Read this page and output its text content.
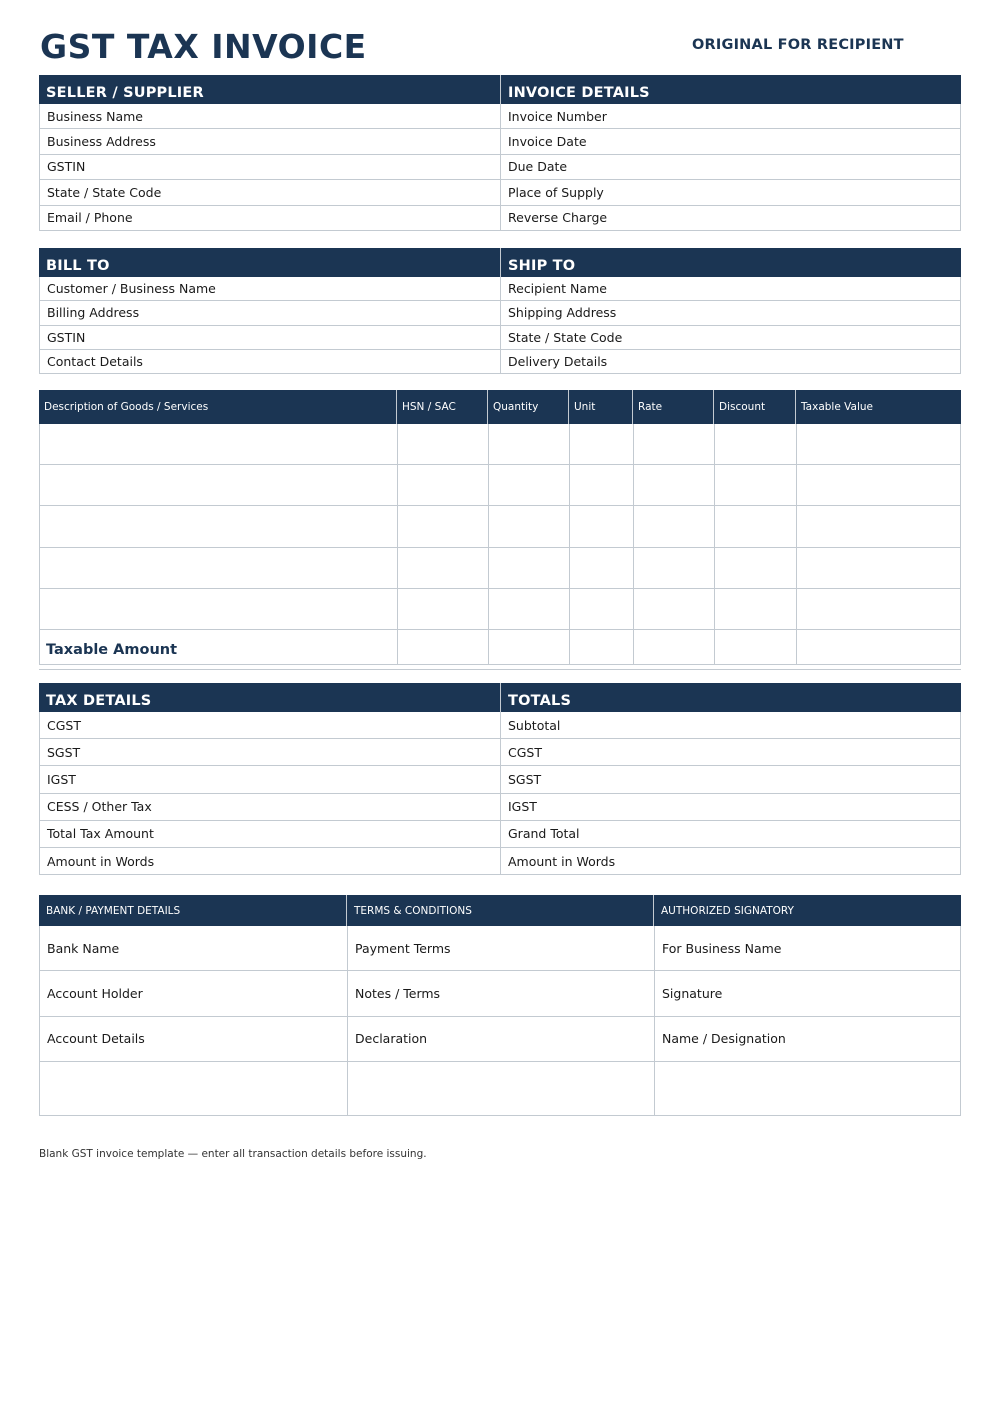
GST TAX INVOICE	ORIGINAL FOR RECIPIENT
SELLER / SUPPLIER	INVOICE DETAILS
Business Name	Invoice Number
Business Address	Invoice Date
GSTIN	Due Date
State / State Code	Place of Supply
Email / Phone	Reverse Charge
BILL TO	SHIP TO
Customer / Business Name	Recipient Name
Billing Address	Shipping Address
GSTIN	State / State Code
Contact Details	Delivery Details
Description of Goods / Services	HSN / SAC	Quantity	Unit	Rate	Discount	Taxable Value
Taxable Amount
TAX DETAILS	TOTALS
CGST	Subtotal
SGST	CGST
IGST	SGST
CESS / Other Tax	IGST
Total Tax Amount	Grand Total
Amount in Words	Amount in Words
BANK / PAYMENT DETAILS	TERMS & CONDITIONS	AUTHORIZED SIGNATORY
Bank Name	Payment Terms	For Business Name
Account Holder	Notes / Terms	Signature
Account Details	Declaration	Name / Designation
Blank GST invoice template — enter all transaction details before issuing.
